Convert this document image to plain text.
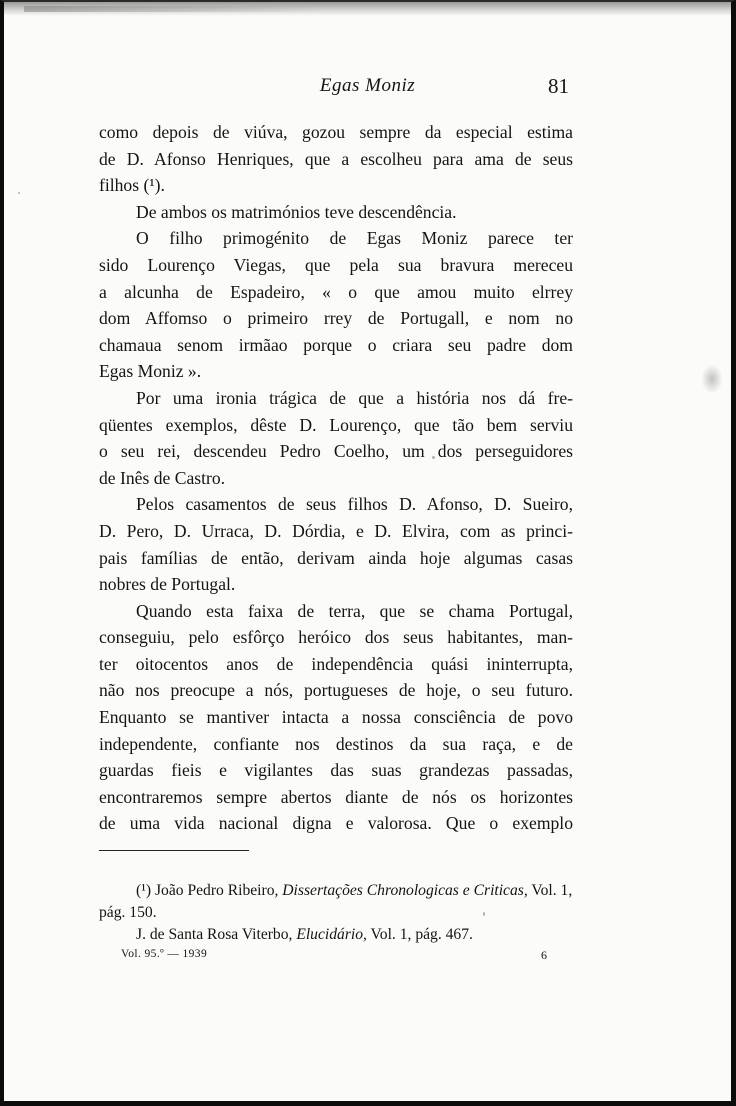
Egas Moniz	81
como depois de viúva, gozou sempre da especial estima
de D. Afonso Henriques, que a escolheu para ama de seus
filhos (¹).
De ambos os matrimónios teve descendência.
O filho primogénito de Egas Moniz parece ter
sido Lourenço Viegas, que pela sua bravura mereceu
a alcunha de Espadeiro, « o que amou muito elrrey
dom Affomso o primeiro rrey de Portugall, e nom no
chamaua senom irmãao porque o criara seu padre dom
Egas Moniz ».
Por uma ironia trágica de que a história nos dá fre-
qüentes exemplos, dêste D. Lourenço, que tão bem serviu
o seu rei, descendeu Pedro Coelho, um dos perseguidores
de Inês de Castro.
Pelos casamentos de seus filhos D. Afonso, D. Sueiro,
D. Pero, D. Urraca, D. Dórdia, e D. Elvira, com as princi-
pais famílias de então, derivam ainda hoje algumas casas
nobres de Portugal.
Quando esta faixa de terra, que se chama Portugal,
conseguiu, pelo esfôrço heróico dos seus habitantes, man-
ter oitocentos anos de independência quási ininterrupta,
não nos preocupe a nós, portugueses de hoje, o seu futuro.
Enquanto se mantiver intacta a nossa consciência de povo
independente, confiante nos destinos da sua raça, e de
guardas fieis e vigilantes das suas grandezas passadas,
encontraremos sempre abertos diante de nós os horizontes
de uma vida nacional digna e valorosa. Que o exemplo
(¹) João Pedro Ribeiro, Dissertações Chronologicas e Criticas, Vol. 1,
pág. 150.
J. de Santa Rosa Viterbo, Elucidário, Vol. 1, pág. 467.
Vol. 95.º — 1939	6
